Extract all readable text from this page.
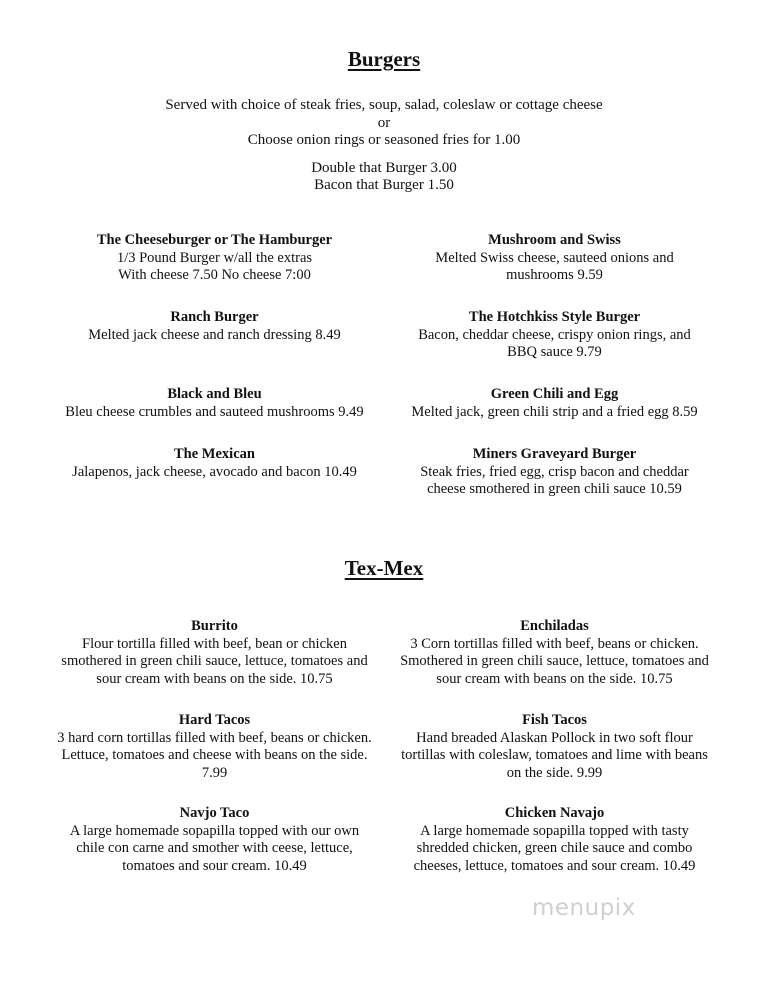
Burgers
Served with choice of steak fries, soup, salad, coleslaw or cottage cheese
or
Choose onion rings or seasoned fries for 1.00
Double that Burger 3.00
Bacon that Burger 1.50
The Cheeseburger or The Hamburger
1/3 Pound Burger w/all the extras
With cheese 7.50 No cheese 7:00
Mushroom and Swiss
Melted Swiss cheese, sauteed onions and
mushrooms 9.59
Ranch Burger
Melted jack cheese and ranch dressing 8.49
The Hotchkiss Style Burger
Bacon, cheddar cheese, crispy onion rings, and
BBQ sauce 9.79
Black and Bleu
Bleu cheese crumbles and sauteed mushrooms 9.49
Green Chili and Egg
Melted jack, green chili strip and a fried egg 8.59
The Mexican
Jalapenos, jack cheese, avocado and bacon 10.49
Miners Graveyard Burger
Steak fries, fried egg, crisp bacon and cheddar
cheese smothered in green chili sauce 10.59
Tex-Mex
Burrito
Flour tortilla filled with beef, bean or chicken
smothered in green chili sauce, lettuce, tomatoes and
sour cream with beans on the side. 10.75
Enchiladas
3 Corn tortillas filled with beef, beans or chicken.
Smothered in green chili sauce, lettuce, tomatoes and
sour cream with beans on the side. 10.75
Hard Tacos
3 hard corn tortillas filled with beef, beans or chicken.
Lettuce, tomatoes and cheese with beans on the side.
7.99
Fish Tacos
Hand breaded Alaskan Pollock in two soft flour
tortillas with coleslaw, tomatoes and lime with beans
on the side. 9.99
Navjo Taco
A large homemade sopapilla topped with our own
chile con carne and smother with ceese, lettuce,
tomatoes and sour cream. 10.49
Chicken Navajo
A large homemade sopapilla topped with tasty
shredded chicken, green chile sauce and combo
cheeses, lettuce, tomatoes and sour cream. 10.49
menupix
